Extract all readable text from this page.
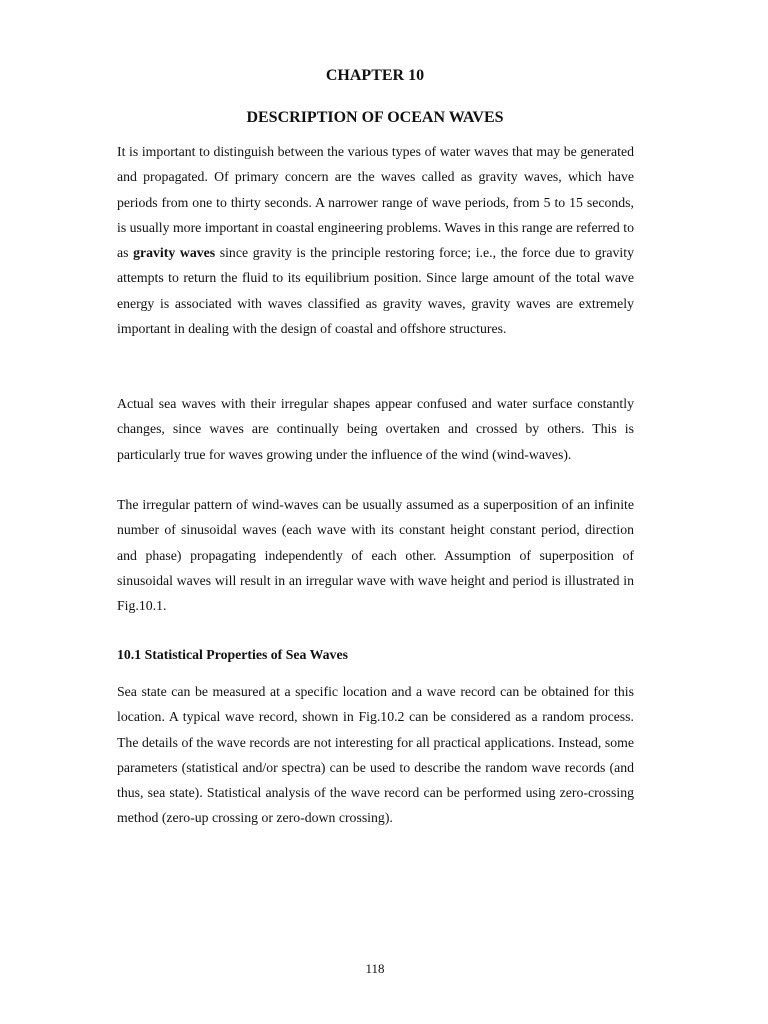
CHAPTER 10
DESCRIPTION OF OCEAN WAVES

It is important to distinguish between the various types of water waves that may be generated and propagated. Of primary concern are the waves called as gravity waves, which have periods from one to thirty seconds. A narrower range of wave periods, from 5 to 15 seconds, is usually more important in coastal engineering problems. Waves in this range are referred to as gravity waves since gravity is the principle restoring force; i.e., the force due to gravity attempts to return the fluid to its equilibrium position. Since large amount of the total wave energy is associated with waves classified as gravity waves, gravity waves are extremely important in dealing with the design of coastal and offshore structures.

Actual sea waves with their irregular shapes appear confused and water surface constantly changes, since waves are continually being overtaken and crossed by others. This is particularly true for waves growing under the influence of the wind (wind-waves).

The irregular pattern of wind-waves can be usually assumed as a superposition of an infinite number of sinusoidal waves (each wave with its constant height constant period, direction and phase) propagating independently of each other. Assumption of superposition of sinusoidal waves will result in an irregular wave with wave height and period is illustrated in Fig.10.1.

10.1 Statistical Properties of Sea Waves

Sea state can be measured at a specific location and a wave record can be obtained for this location. A typical wave record, shown in Fig.10.2 can be considered as a random process. The details of the wave records are not interesting for all practical applications. Instead, some parameters (statistical and/or spectra) can be used to describe the random wave records (and thus, sea state). Statistical analysis of the wave record can be performed using zero-crossing method (zero-up crossing or zero-down crossing).

118
